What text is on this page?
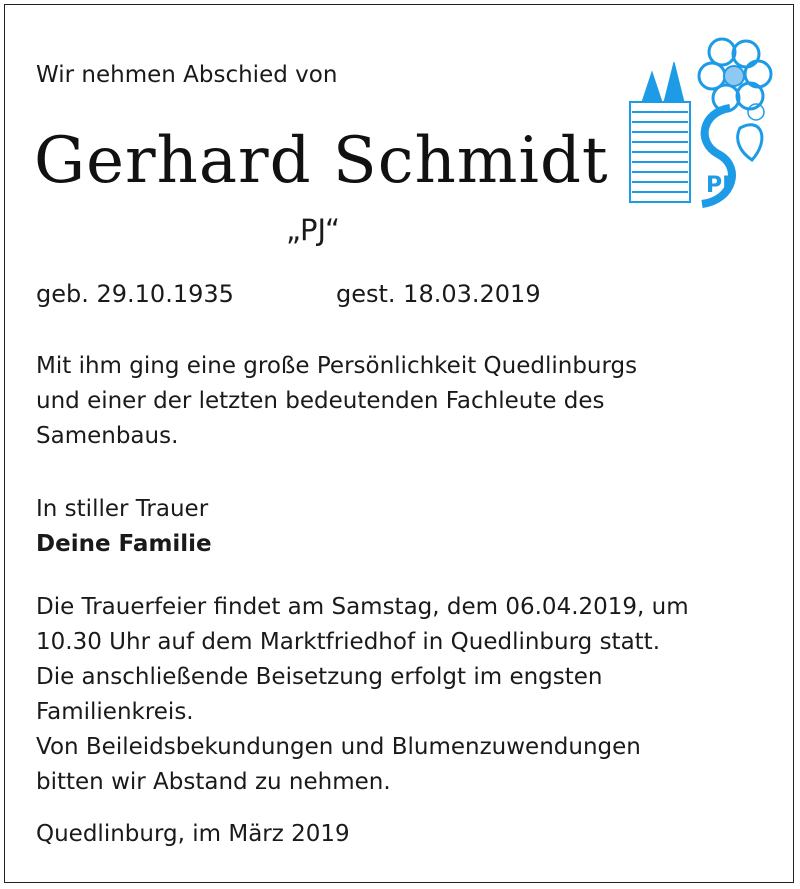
Wir nehmen Abschied von

Gerhard Schmidt

„PJ“

geb. 29.10.1935	gest. 18.03.2019
Mit ihm ging eine große Persönlichkeit Quedlinburgs
und einer der letzten bedeutenden Fachleute des
Samenbaus.
In stiller Trauer
Deine Familie
Die Trauerfeier findet am Samstag, dem 06.04.2019, um
10.30 Uhr auf dem Marktfriedhof in Quedlinburg statt.
Die anschließende Beisetzung erfolgt im engsten
Familienkreis.
Von Beileidsbekundungen und Blumenzuwendungen
bitten wir Abstand zu nehmen.

Quedlinburg, im März 2019

PJ
